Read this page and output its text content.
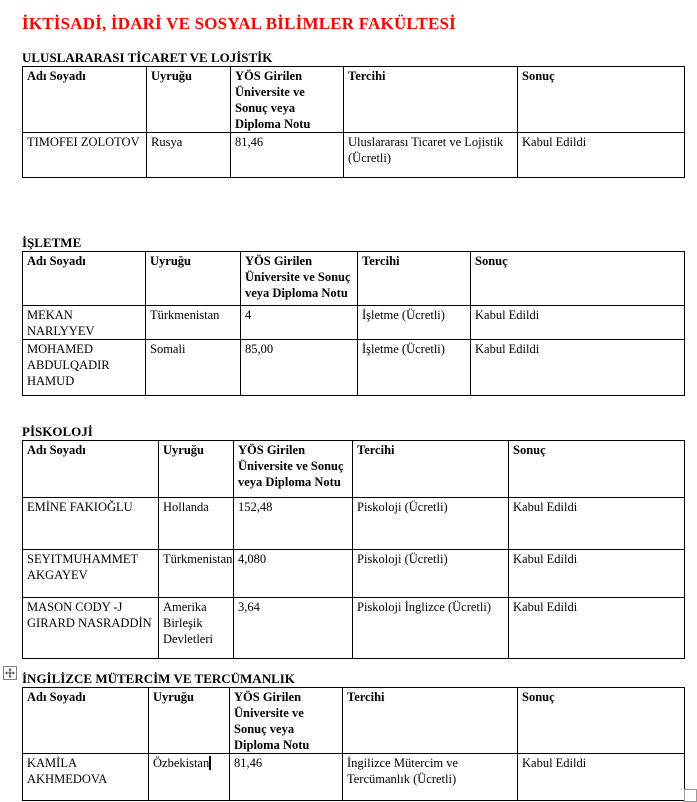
İKTİSADİ, İDARİ VE SOSYAL BİLİMLER FAKÜLTESİ
ULUSLARARASI TİCARET VE LOJİSTİK
Adı Soyadı	Uyruğu	YÖS Girilen Üniversite ve Sonuç veya Diploma Notu	Tercihi	Sonuç
TIMOFEI ZOLOTOV	Rusya	81,46	Uluslararası Ticaret ve Lojistik (Ücretli)	Kabul Edildi
İŞLETME
Adı Soyadı	Uyruğu	YÖS Girilen Üniversite ve Sonuç veya Diploma Notu	Tercihi	Sonuç
MEKAN NARLYYEV	Türkmenistan	4	İşletme (Ücretli)	Kabul Edildi
MOHAMED ABDULQADIR HAMUD	Somali	85,00	İşletme (Ücretli)	Kabul Edildi
PİSKOLOJİ
Adı Soyadı	Uyruğu	YÖS Girilen Üniversite ve Sonuç veya Diploma Notu	Tercihi	Sonuç
EMİNE FAKIOĞLU	Hollanda	152,48	Piskoloji (Ücretli)	Kabul Edildi
SEYITMUHAMMET AKGAYEV	Türkmenistan	4,080	Piskoloji (Ücretli)	Kabul Edildi
MASON CODY -J GIRARD NASRADDİN	Amerika Birleşik Devletleri	3,64	Piskoloji İnglizce (Ücretli)	Kabul Edildi
İNGİLİZCE MÜTERCİM VE TERCÜMANLIK
Adı Soyadı	Uyruğu	YÖS Girilen Üniversite ve Sonuç veya Diploma Notu	Tercihi	Sonuç
KAMİLA AKHMEDOVA	Özbekistan	81,46	İngilizce Mütercim ve Tercümanlık (Ücretli)	Kabul Edildi
